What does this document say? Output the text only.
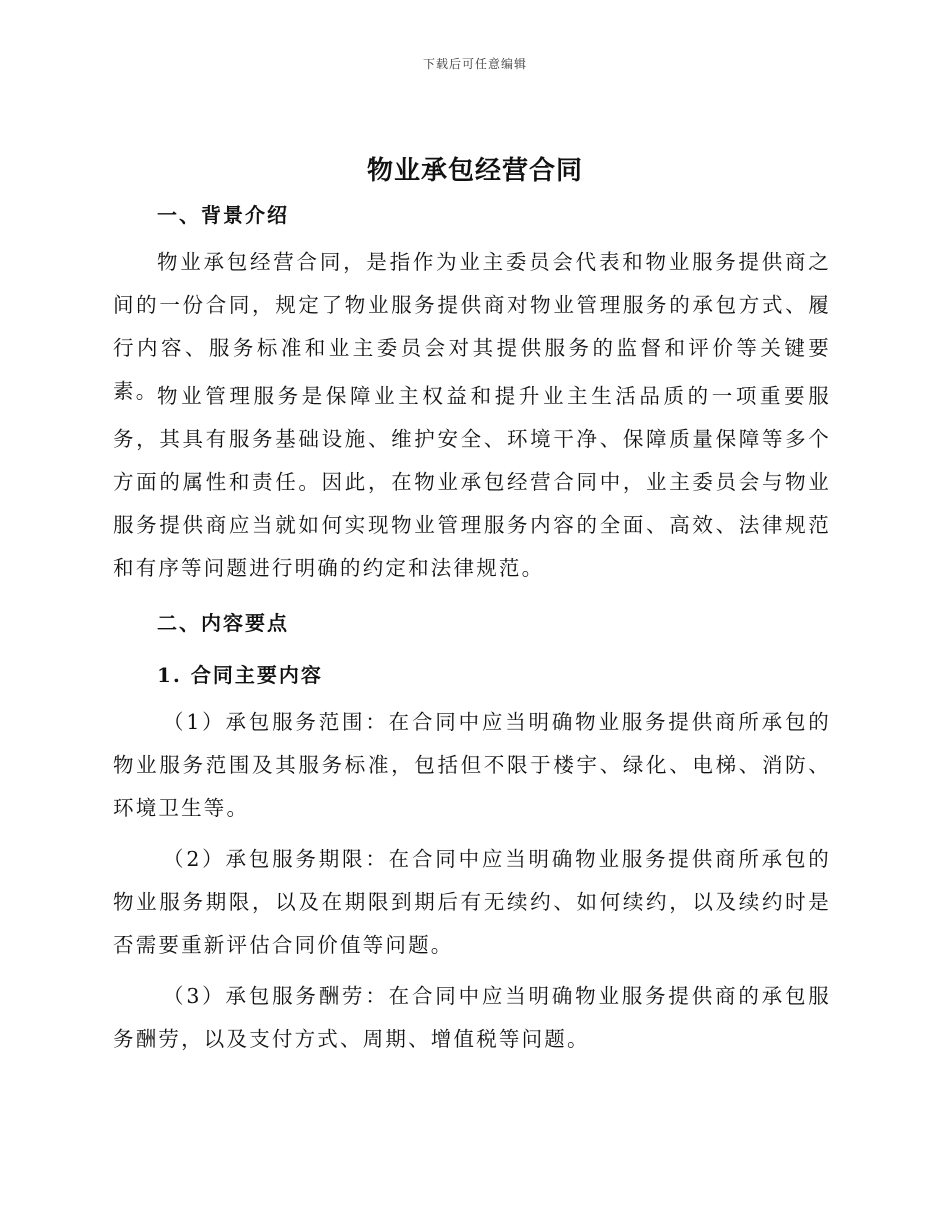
下载后可任意编辑
物业承包经营合同
一、背景介绍

物业承包经营合同，是指作为业主委员会代表和物业服务提供商之间的一份合同，规定了物业服务提供商对物业管理服务的承包方式、履行内容、服务标准和业主委员会对其提供服务的监督和评价等关键要素。

物业管理服务是保障业主权益和提升业主生活品质的一项重要服务，其具有服务基础设施、维护安全、环境干净、保障质量保障等多个方面的属性和责任。因此，在物业承包经营合同中，业主委员会与物业服务提供商应当就如何实现物业管理服务内容的全面、高效、法律规范和有序等问题进行明确的约定和法律规范。

二、内容要点
1. 合同主要内容

（1）承包服务范围：在合同中应当明确物业服务提供商所承包的物业服务范围及其服务标准，包括但不限于楼宇、绿化、电梯、消防、环境卫生等。

（2）承包服务期限：在合同中应当明确物业服务提供商所承包的物业服务期限，以及在期限到期后有无续约、如何续约，以及续约时是否需要重新评估合同价值等问题。

（3）承包服务酬劳：在合同中应当明确物业服务提供商的承包服务酬劳，以及支付方式、周期、增值税等问题。
